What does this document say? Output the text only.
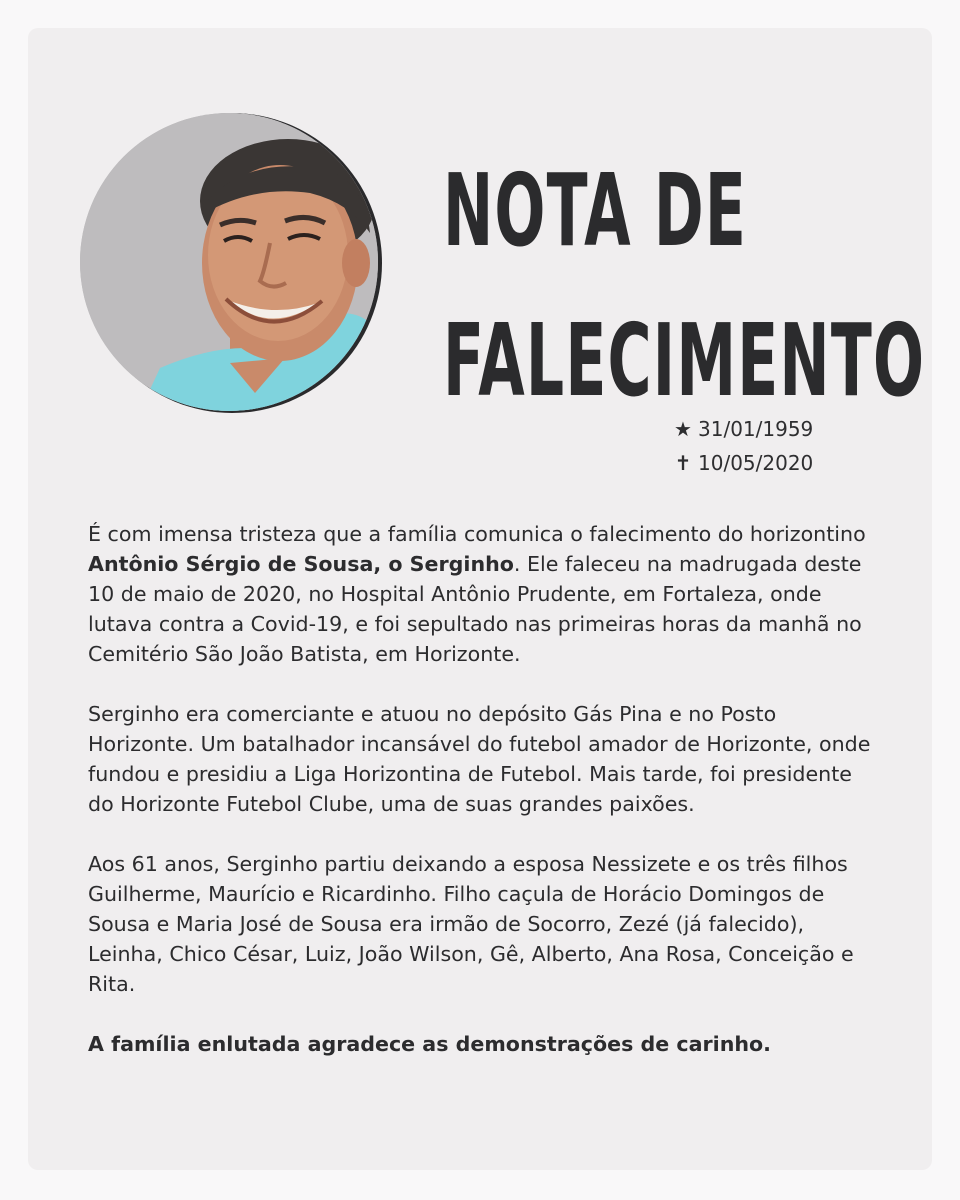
NOTA DE
FALECIMENTO
★ 31/01/1959
✝ 10/05/2020

É com imensa tristeza que a família comunica o falecimento do horizontino Antônio Sérgio de Sousa, o Serginho. Ele faleceu na madrugada deste 10 de maio de 2020, no Hospital Antônio Prudente, em Fortaleza, onde lutava contra a Covid-19, e foi sepultado nas primeiras horas da manhã no Cemitério São João Batista, em Horizonte.

Serginho era comerciante e atuou no depósito Gás Pina e no Posto Horizonte. Um batalhador incansável do futebol amador de Horizonte, onde fundou e presidiu a Liga Horizontina de Futebol. Mais tarde, foi presidente do Horizonte Futebol Clube, uma de suas grandes paixões.

Aos 61 anos, Serginho partiu deixando a esposa Nessizete e os três filhos Guilherme, Maurício e Ricardinho. Filho caçula de Horácio Domingos de Sousa e Maria José de Sousa era irmão de Socorro, Zezé (já falecido), Leinha, Chico César, Luiz, João Wilson, Gê, Alberto, Ana Rosa, Conceição e Rita.

A família enlutada agradece as demonstrações de carinho.
